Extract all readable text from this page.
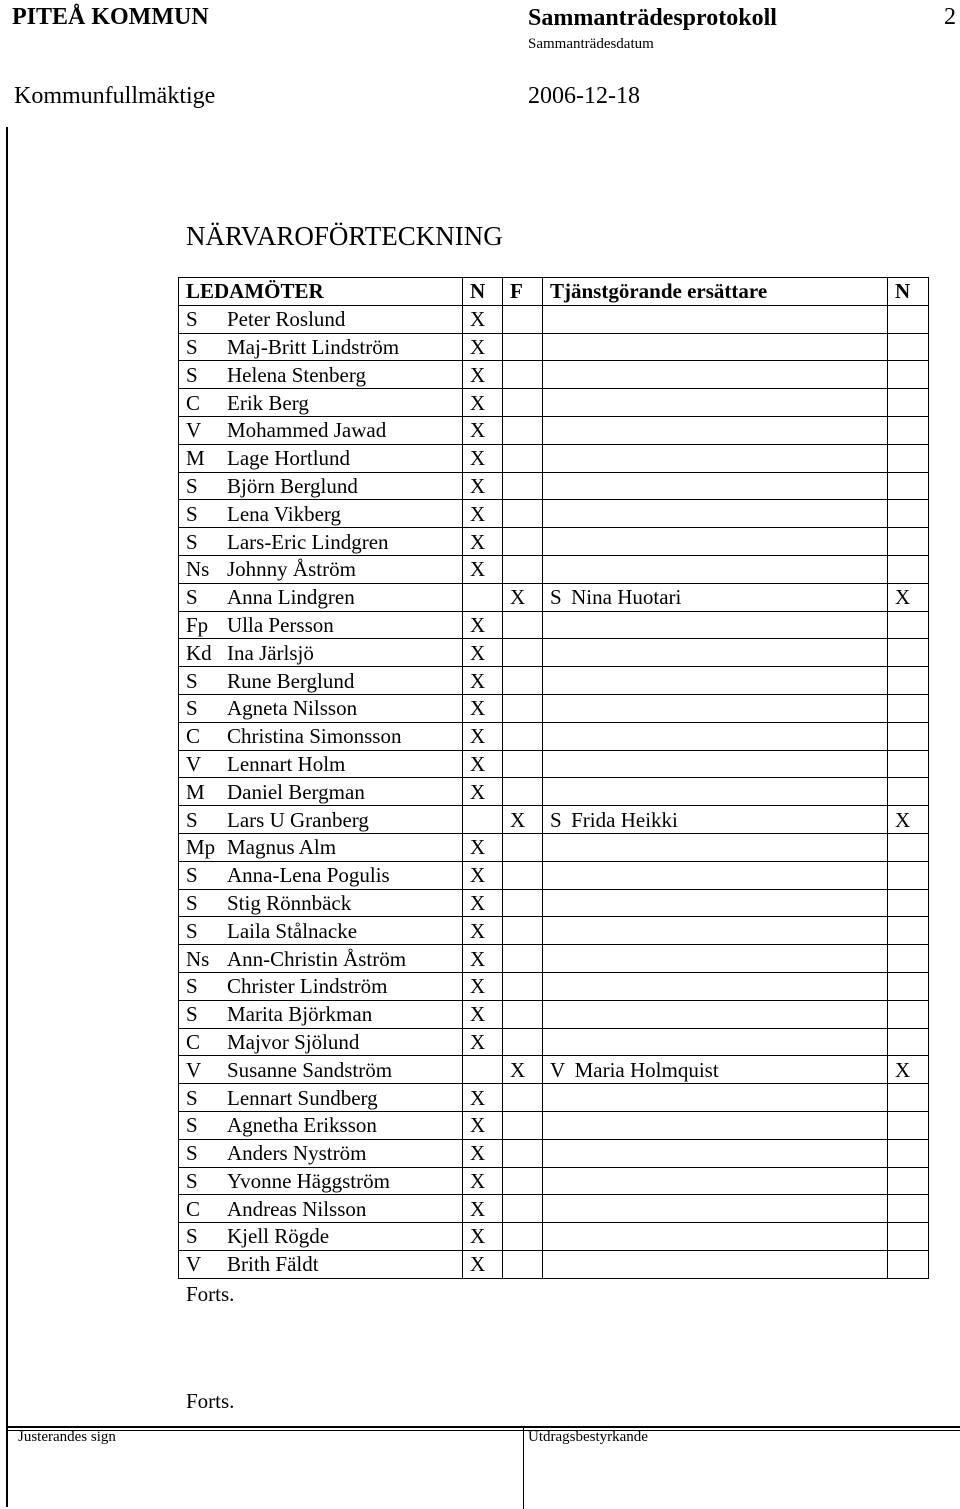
PITEÅ KOMMUN	Sammanträdesprotokoll	2
Sammanträdesdatum
Kommunfullmäktige	2006-12-18
NÄRVAROFÖRTECKNING
LEDAMÖTER	N	F	Tjänstgörande ersättare	N
S Peter Roslund	X			
S Maj-Britt Lindström	X			
S Helena Stenberg	X			
C Erik Berg	X			
V Mohammed Jawad	X			
M Lage Hortlund	X			
S Björn Berglund	X			
S Lena Vikberg	X			
S Lars-Eric Lindgren	X			
Ns Johnny Åström	X			
S Anna Lindgren		X	S Nina Huotari	X
Fp Ulla Persson	X			
Kd Ina Järlsjö	X			
S Rune Berglund	X			
S Agneta Nilsson	X			
C Christina Simonsson	X			
V Lennart Holm	X			
M Daniel Bergman	X			
S Lars U Granberg		X	S Frida Heikki	X
Mp Magnus Alm	X			
S Anna-Lena Pogulis	X			
S Stig Rönnbäck	X			
S Laila Stålnacke	X			
Ns Ann-Christin Åström	X			
S Christer Lindström	X			
S Marita Björkman	X			
C Majvor Sjölund	X			
V Susanne Sandström		X	V Maria Holmquist	X
S Lennart Sundberg	X			
S Agnetha Eriksson	X			
S Anders Nyström	X			
S Yvonne Häggström	X			
C Andreas Nilsson	X			
S Kjell Rögde	X			
V Brith Fäldt	X			
Forts.
Forts.
Justerandes sign	Utdragsbestyrkande
